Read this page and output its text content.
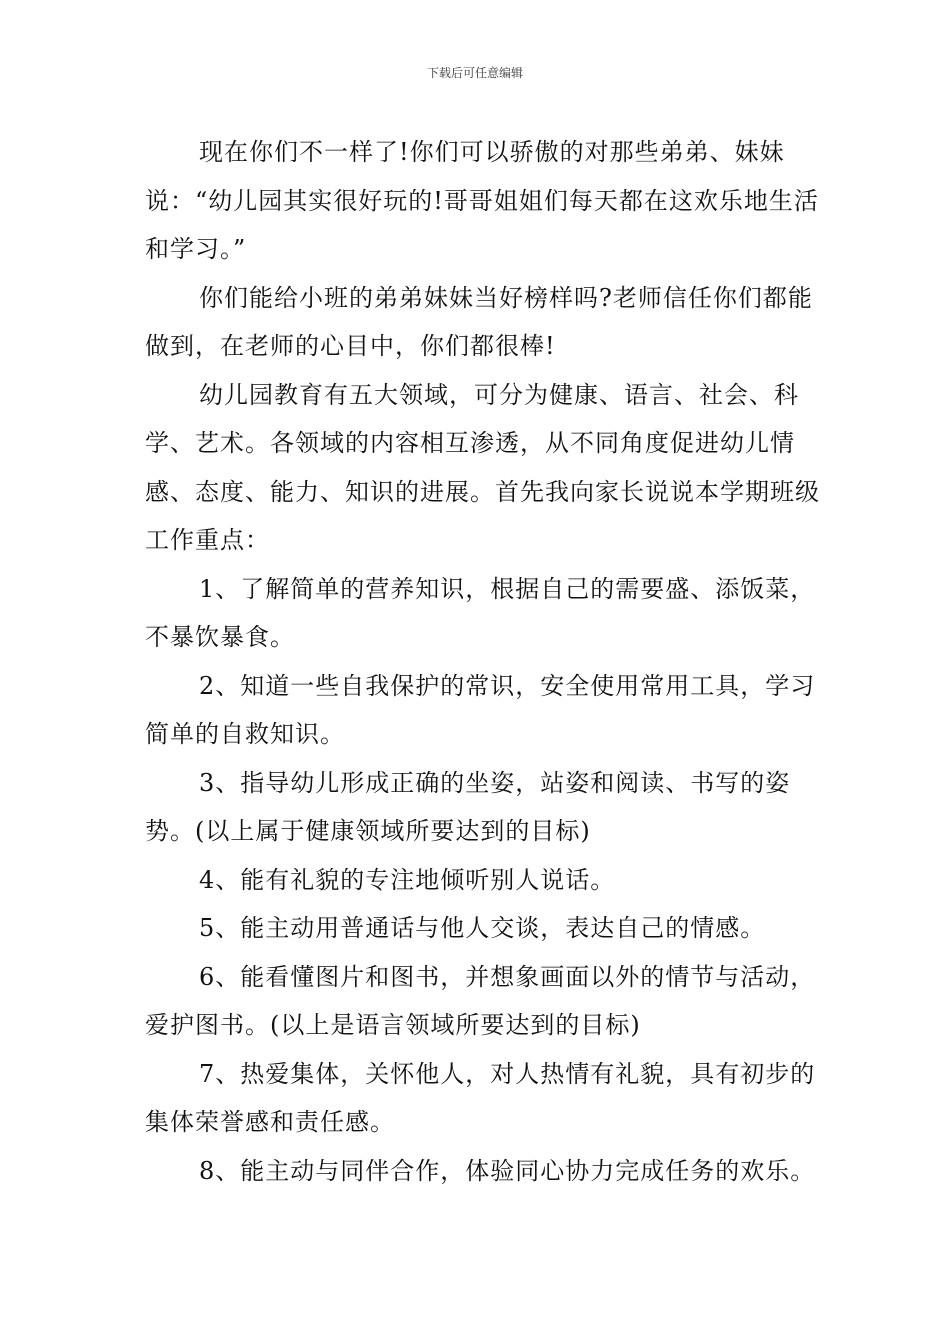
下载后可任意编辑

现在你们不一样了!你们可以骄傲的对那些弟弟、妹妹说：“幼儿园其实很好玩的!哥哥姐姐们每天都在这欢乐地生活和学习。”

你们能给小班的弟弟妹妹当好榜样吗?老师信任你们都能做到，在老师的心目中，你们都很棒!

幼儿园教育有五大领域，可分为健康、语言、社会、科学、艺术。各领域的内容相互渗透，从不同角度促进幼儿情感、态度、能力、知识的进展。首先我向家长说说本学期班级工作重点：

1、了解简单的营养知识，根据自己的需要盛、添饭菜，不暴饮暴食。

2、知道一些自我保护的常识，安全使用常用工具，学习简单的自救知识。

3、指导幼儿形成正确的坐姿，站姿和阅读、书写的姿势。(以上属于健康领域所要达到的目标)

4、能有礼貌的专注地倾听别人说话。

5、能主动用普通话与他人交谈，表达自己的情感。

6、能看懂图片和图书，并想象画面以外的情节与活动，爱护图书。(以上是语言领域所要达到的目标)

7、热爱集体，关怀他人，对人热情有礼貌，具有初步的集体荣誉感和责任感。

8、能主动与同伴合作，体验同心协力完成任务的欢乐。
